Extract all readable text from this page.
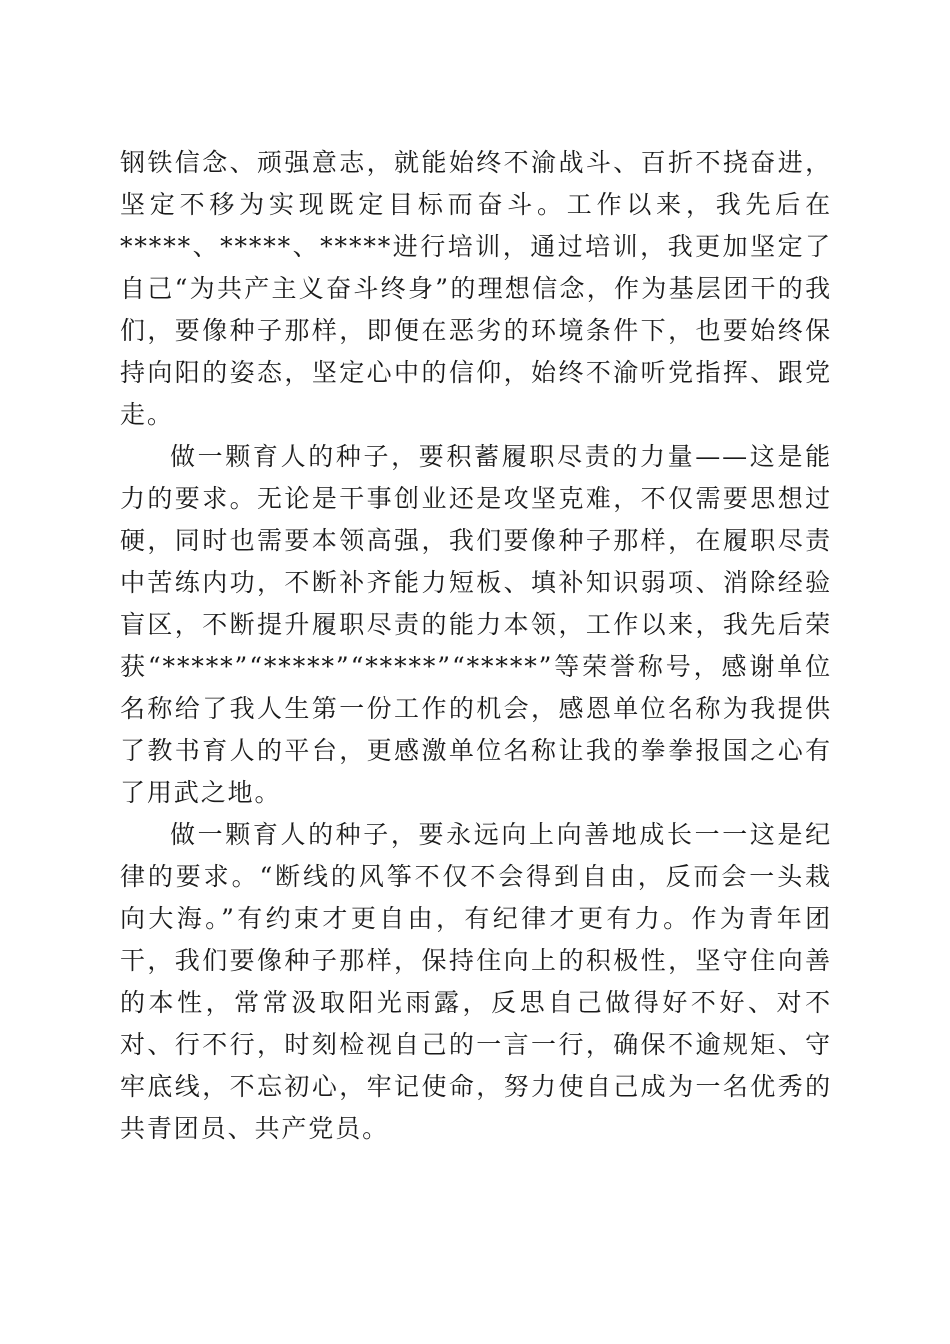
钢铁信念、顽强意志，就能始终不渝战斗、百折不挠奋进，坚定不移为实现既定目标而奋斗。工作以来，我先后在*****、*****、*****进行培训，通过培训，我更加坚定了自己“为共产主义奋斗终身”的理想信念，作为基层团干的我们，要像种子那样，即便在恶劣的环境条件下，也要始终保持向阳的姿态，坚定心中的信仰，始终不渝听党指挥、跟党走。

做一颗育人的种子，要积蓄履职尽责的力量——这是能力的要求。无论是干事创业还是攻坚克难，不仅需要思想过硬，同时也需要本领高强，我们要像种子那样，在履职尽责中苦练内功，不断补齐能力短板、填补知识弱项、消除经验盲区，不断提升履职尽责的能力本领，工作以来，我先后荣获“*****”“*****”“*****”“*****”等荣誉称号，感谢单位名称给了我人生第一份工作的机会，感恩单位名称为我提供了教书育人的平台，更感激单位名称让我的拳拳报国之心有了用武之地。

做一颗育人的种子，要永远向上向善地成长一一这是纪律的要求。“断线的风筝不仅不会得到自由，反而会一头栽向大海。”有约束才更自由，有纪律才更有力。作为青年团干，我们要像种子那样，保持住向上的积极性，坚守住向善的本性，常常汲取阳光雨露，反思自己做得好不好、对不对、行不行，时刻检视自己的一言一行，确保不逾规矩、守牢底线，不忘初心，牢记使命，努力使自己成为一名优秀的共青团员、共产党员。
